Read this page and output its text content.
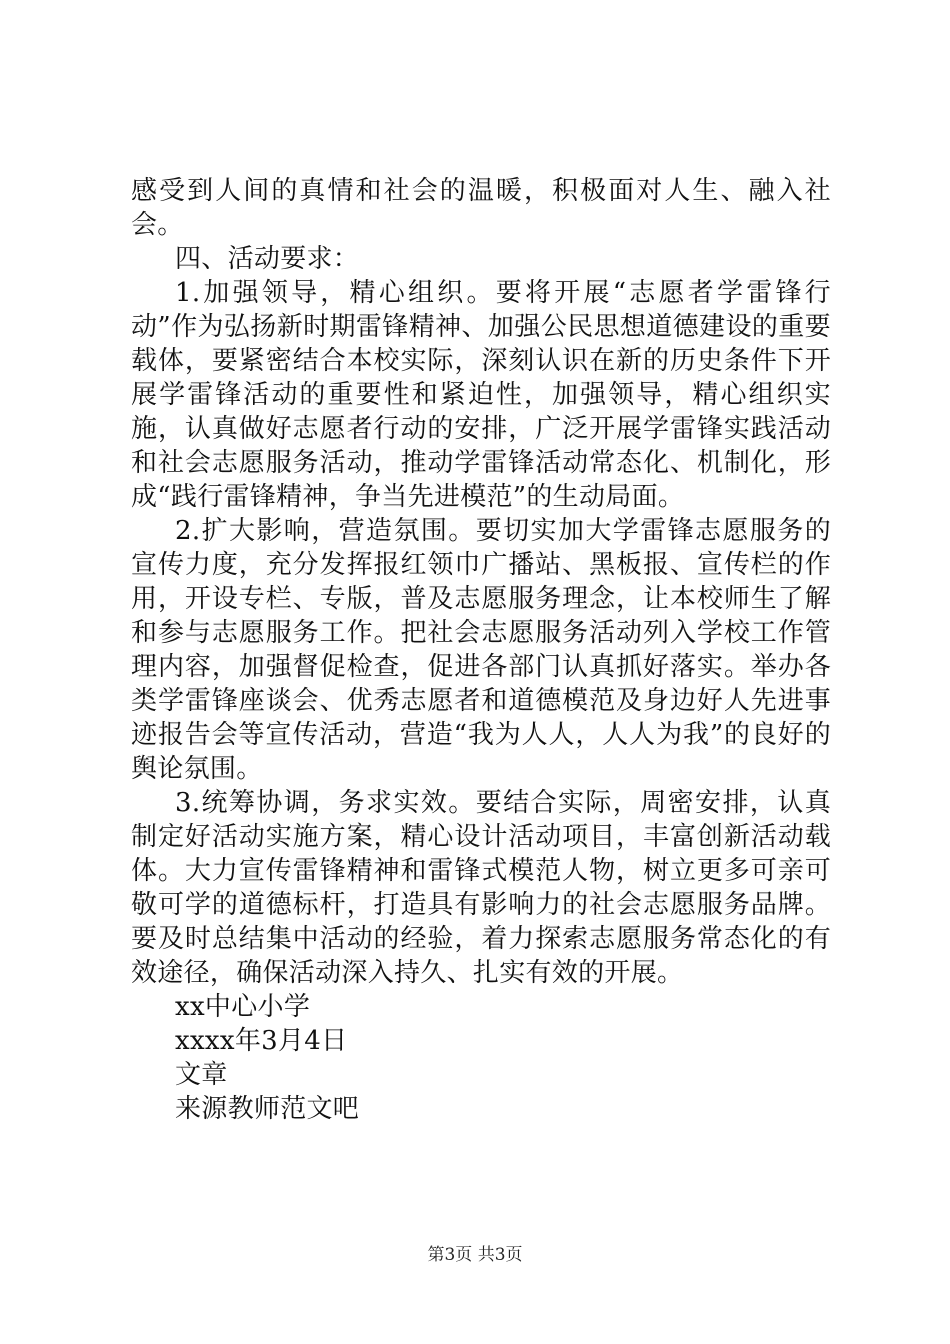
感受到人间的真情和社会的温暖，积极面对人生、融入社会。

四、活动要求：

1.加强领导，精心组织。要将开展“志愿者学雷锋行动”作为弘扬新时期雷锋精神、加强公民思想道德建设的重要载体，要紧密结合本校实际，深刻认识在新的历史条件下开展学雷锋活动的重要性和紧迫性，加强领导，精心组织实施，认真做好志愿者行动的安排，广泛开展学雷锋实践活动和社会志愿服务活动，推动学雷锋活动常态化、机制化，形成“践行雷锋精神，争当先进模范”的生动局面。

2.扩大影响，营造氛围。要切实加大学雷锋志愿服务的宣传力度，充分发挥报红领巾广播站、黑板报、宣传栏的作用，开设专栏、专版，普及志愿服务理念，让本校师生了解和参与志愿服务工作。把社会志愿服务活动列入学校工作管理内容，加强督促检查，促进各部门认真抓好落实。举办各类学雷锋座谈会、优秀志愿者和道德模范及身边好人先进事迹报告会等宣传活动，营造“我为人人，人人为我”的良好的舆论氛围。

3.统筹协调，务求实效。要结合实际，周密安排，认真制定好活动实施方案，精心设计活动项目，丰富创新活动载体。大力宣传雷锋精神和雷锋式模范人物，树立更多可亲可敬可学的道德标杆，打造具有影响力的社会志愿服务品牌。要及时总结集中活动的经验，着力探索志愿服务常态化的有效途径，确保活动深入持久、扎实有效的开展。

xx中心小学

xxxx年3月4日

文章

来源教师范文吧

第3页 共3页
